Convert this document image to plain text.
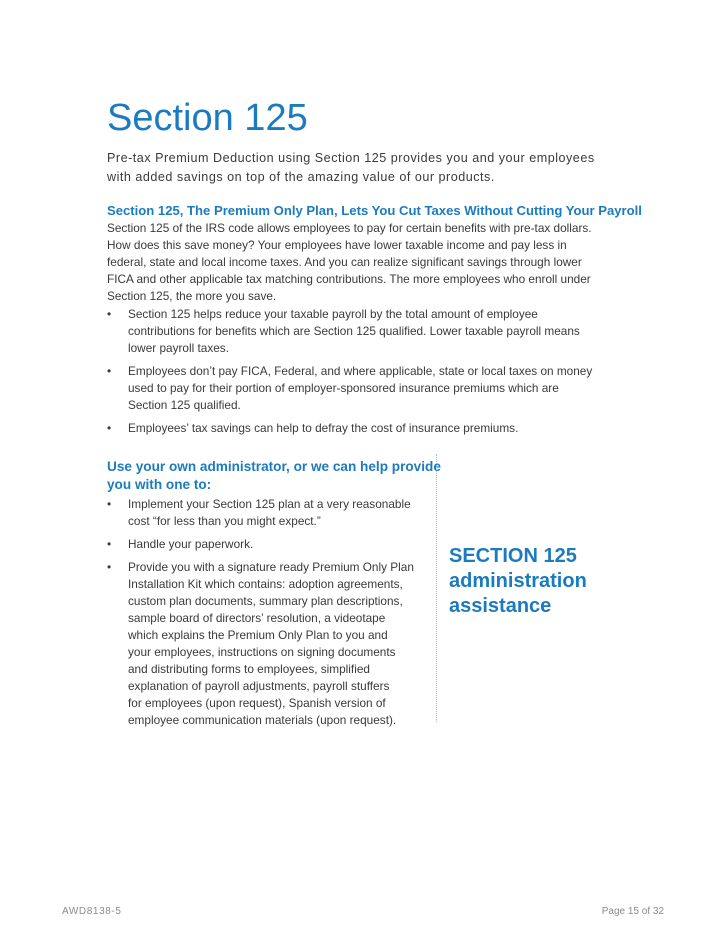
Section 125

Pre-tax Premium Deduction using Section 125 provides you and your employees
with added savings on top of the amazing value of our products.

Section 125, The Premium Only Plan, Lets You Cut Taxes Without Cutting Your Payroll

Section 125 of the IRS code allows employees to pay for certain benefits with pre-tax dollars.
How does this save money? Your employees have lower taxable income and pay less in
federal, state and local income taxes. And you can realize significant savings through lower
FICA and other applicable tax matching contributions. The more employees who enroll under
Section 125, the more you save.

• Section 125 helps reduce your taxable payroll by the total amount of employee
contributions for benefits which are Section 125 qualified. Lower taxable payroll means
lower payroll taxes.
• Employees don’t pay FICA, Federal, and where applicable, state or local taxes on money
used to pay for their portion of employer-sponsored insurance premiums which are
Section 125 qualified.
• Employees’ tax savings can help to defray the cost of insurance premiums.
Use your own administrator, or we can help provide
you with one to:
• Implement your Section 125 plan at a very reasonable
cost “for less than you might expect.”
• Handle your paperwork.
• Provide you with a signature ready Premium Only Plan
Installation Kit which contains: adoption agreements,
custom plan documents, summary plan descriptions,
sample board of directors’ resolution, a videotape
which explains the Premium Only Plan to you and
your employees, instructions on signing documents
and distributing forms to employees, simplified
explanation of payroll adjustments, payroll stuffers
for employees (upon request), Spanish version of
employee communication materials (upon request).
SECTION 125
administration
assistance
AWD8138-5	Page 15 of 32
